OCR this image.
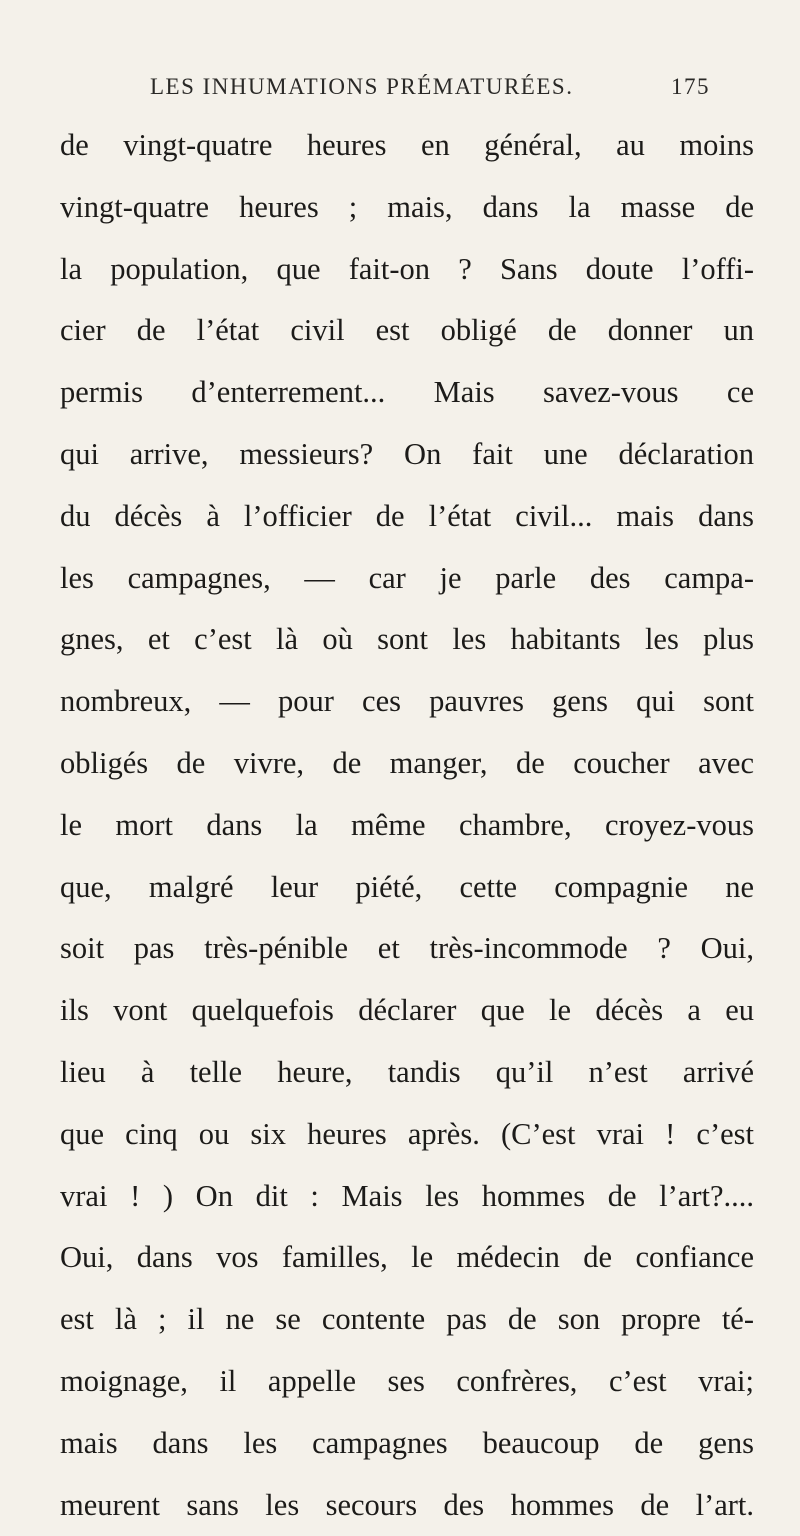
LES INHUMATIONS PRÉMATURÉES.	175
de vingt-quatre heures en général, au moins
vingt-quatre heures ; mais, dans la masse de
la population, que fait-on ? Sans doute l’offi-
cier de l’état civil est obligé de donner un
permis d’enterrement... Mais savez-vous ce
qui arrive, messieurs? On fait une déclaration
du décès à l’officier de l’état civil... mais dans
les campagnes, — car je parle des campa-
gnes, et c’est là où sont les habitants les plus
nombreux, — pour ces pauvres gens qui sont
obligés de vivre, de manger, de coucher avec
le mort dans la même chambre, croyez-vous
que, malgré leur piété, cette compagnie ne
soit pas très-pénible et très-incommode ? Oui,
ils vont quelquefois déclarer que le décès a eu
lieu à telle heure, tandis qu’il n’est arrivé
que cinq ou six heures après. (C’est vrai ! c’est
vrai ! ) On dit : Mais les hommes de l’art?....
Oui, dans vos familles, le médecin de confiance
est là ; il ne se contente pas de son propre té-
moignage, il appelle ses confrères, c’est vrai;
mais dans les campagnes beaucoup de gens
meurent sans les secours des hommes de l’art.
